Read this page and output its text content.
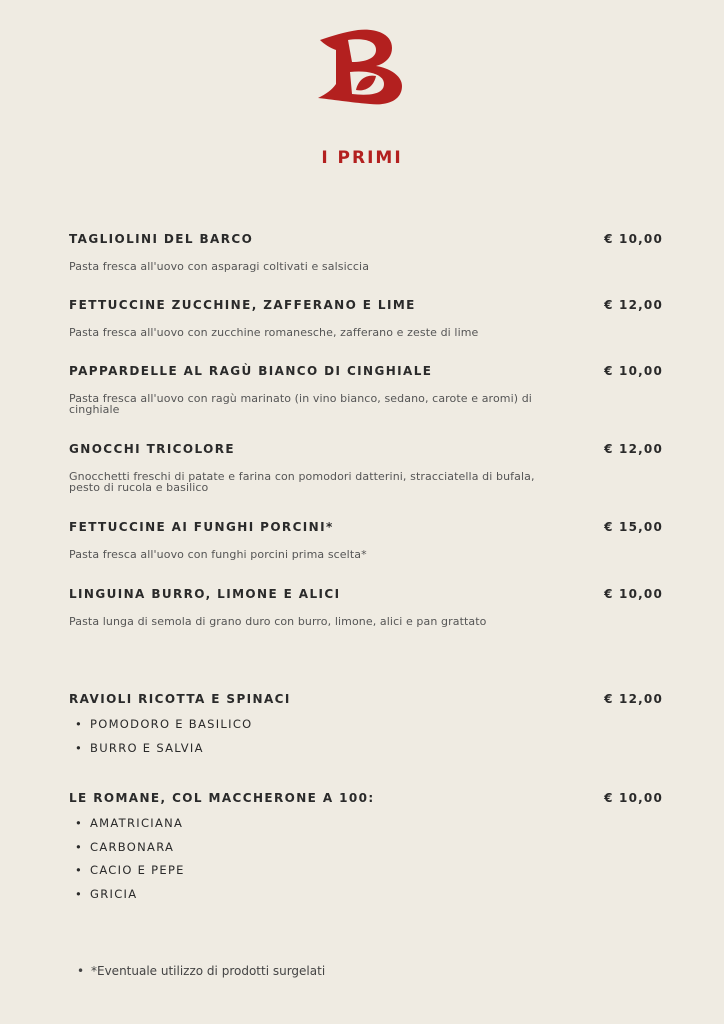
I PRIMI
TAGLIOLINI DEL BARCO	€ 10,00
Pasta fresca all'uovo con asparagi coltivati e salsiccia
FETTUCCINE ZUCCHINE, ZAFFERANO E LIME	€ 12,00
Pasta fresca all'uovo con zucchine romanesche, zafferano e zeste di lime
PAPPARDELLE AL RAGÙ BIANCO DI CINGHIALE	€ 10,00
Pasta fresca all'uovo con ragù marinato (in vino bianco, sedano, carote e aromi) di cinghiale
GNOCCHI TRICOLORE	€ 12,00
Gnocchetti freschi di patate e farina con pomodori datterini, stracciatella di bufala, pesto di rucola e basilico
FETTUCCINE AI FUNGHI PORCINI*	€ 15,00
Pasta fresca all'uovo con funghi porcini prima scelta*
LINGUINA BURRO, LIMONE E ALICI	€ 10,00
Pasta lunga di semola di grano duro con burro, limone, alici e pan grattato
RAVIOLI RICOTTA E SPINACI	€ 12,00
• POMODORO E BASILICO
• BURRO E SALVIA
LE ROMANE, COL MACCHERONE A 100:	€ 10,00
• AMATRICIANA
• CARBONARA
• CACIO E PEPE
• GRICIA
• *Eventuale utilizzo di prodotti surgelati
